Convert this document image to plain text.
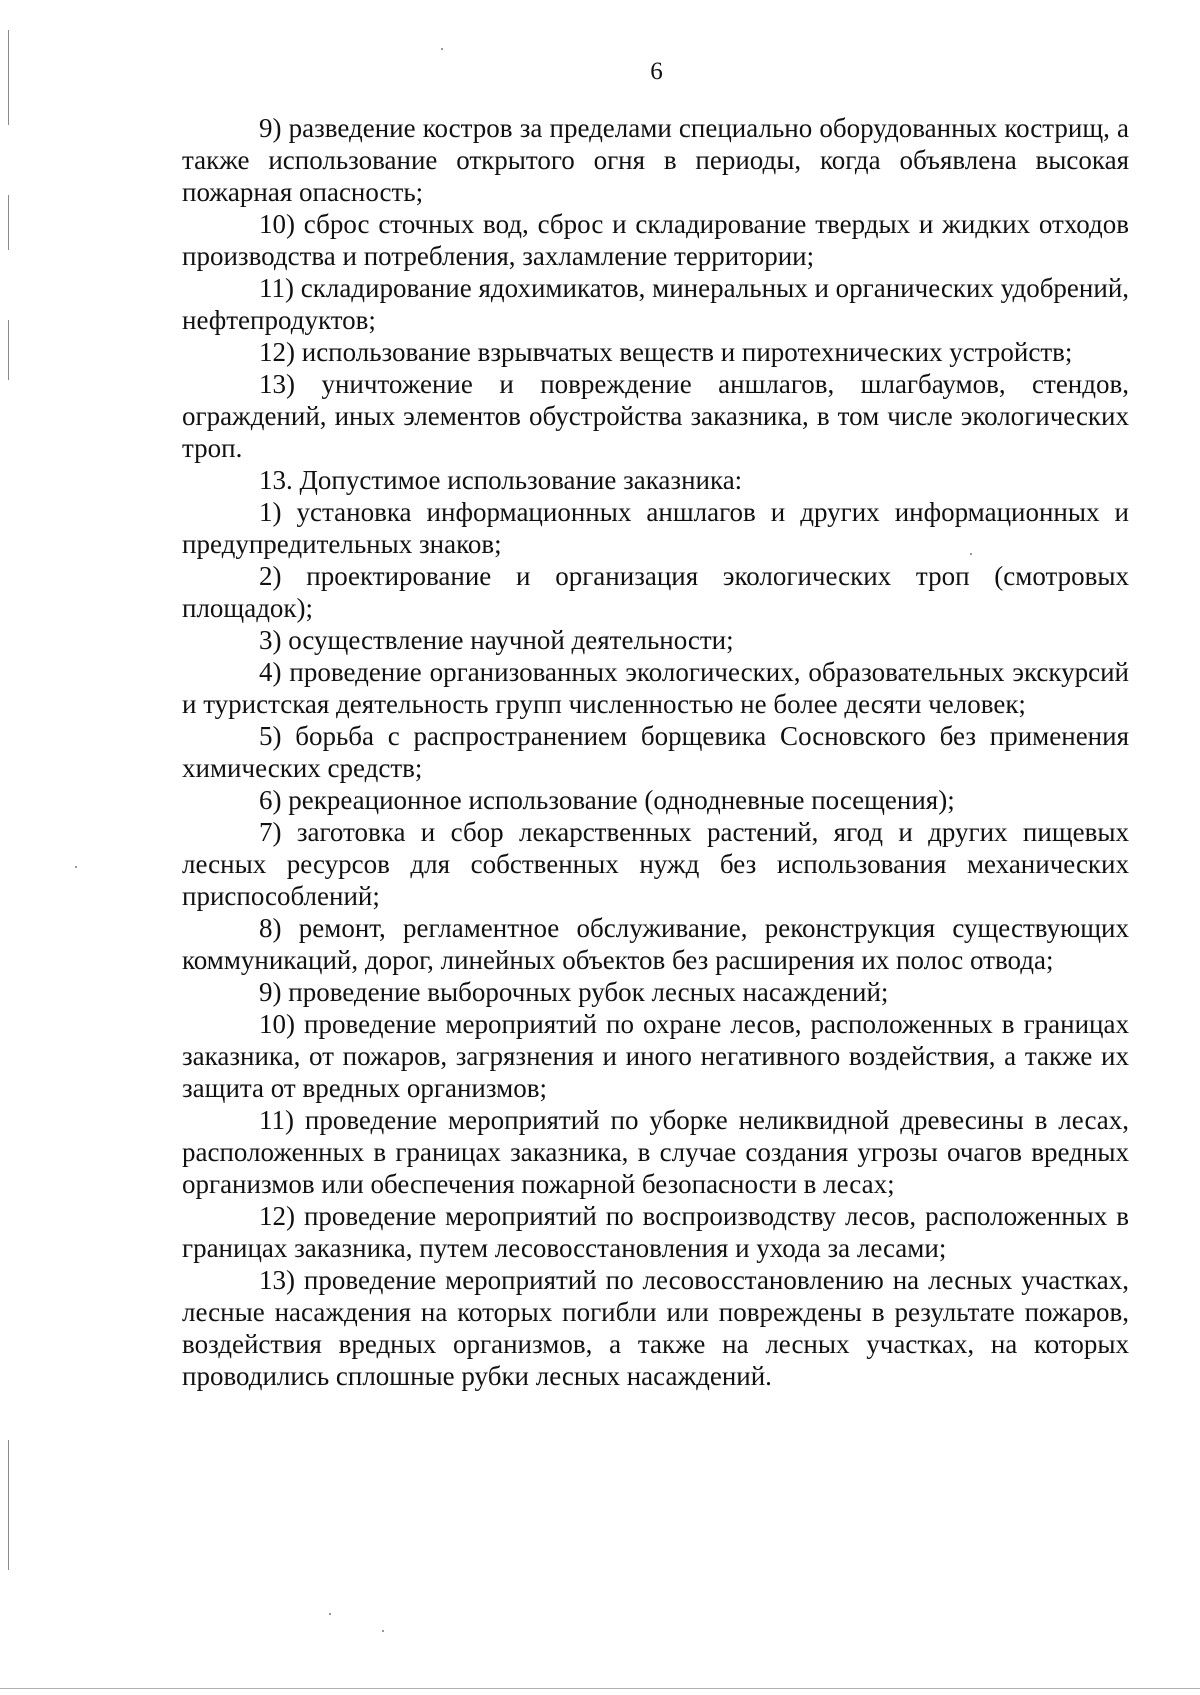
6

9) разведение костров за пределами специально оборудованных кострищ, а также использование открытого огня в периоды, когда объявлена высокая пожарная опасность;

10) сброс сточных вод, сброс и складирование твердых и жидких отходов производства и потребления, захламление территории;

11) складирование ядохимикатов, минеральных и органических удобрений, нефтепродуктов;

12) использование взрывчатых веществ и пиротехнических устройств;

13) уничтожение и повреждение аншлагов, шлагбаумов, стендов, ограждений, иных элементов обустройства заказника, в том числе экологических троп.

13. Допустимое использование заказника:

1) установка информационных аншлагов и других информационных и предупредительных знаков;

2) проектирование и организация экологических троп (смотровых площадок);

3) осуществление научной деятельности;

4) проведение организованных экологических, образовательных экскурсий и туристская деятельность групп численностью не более десяти человек;

5) борьба с распространением борщевика Сосновского без применения химических средств;

6) рекреационное использование (однодневные посещения);

7) заготовка и сбор лекарственных растений, ягод и других пищевых лесных ресурсов для собственных нужд без использования механических приспособлений;

8) ремонт, регламентное обслуживание, реконструкция существующих коммуникаций, дорог, линейных объектов без расширения их полос отвода;

9) проведение выборочных рубок лесных насаждений;

10) проведение мероприятий по охране лесов, расположенных в границах заказника, от пожаров, загрязнения и иного негативного воздействия, а также их защита от вредных организмов;

11) проведение мероприятий по уборке неликвидной древесины в лесах, расположенных в границах заказника, в случае создания угрозы очагов вредных организмов или обеспечения пожарной безопасности в лесах;

12) проведение мероприятий по воспроизводству лесов, расположенных в границах заказника, путем лесовосстановления и ухода за лесами;

13) проведение мероприятий по лесовосстановлению на лесных участках, лесные насаждения на которых погибли или повреждены в результате пожаров, воздействия вредных организмов, а также на лесных участках, на которых проводились сплошные рубки лесных насаждений.
